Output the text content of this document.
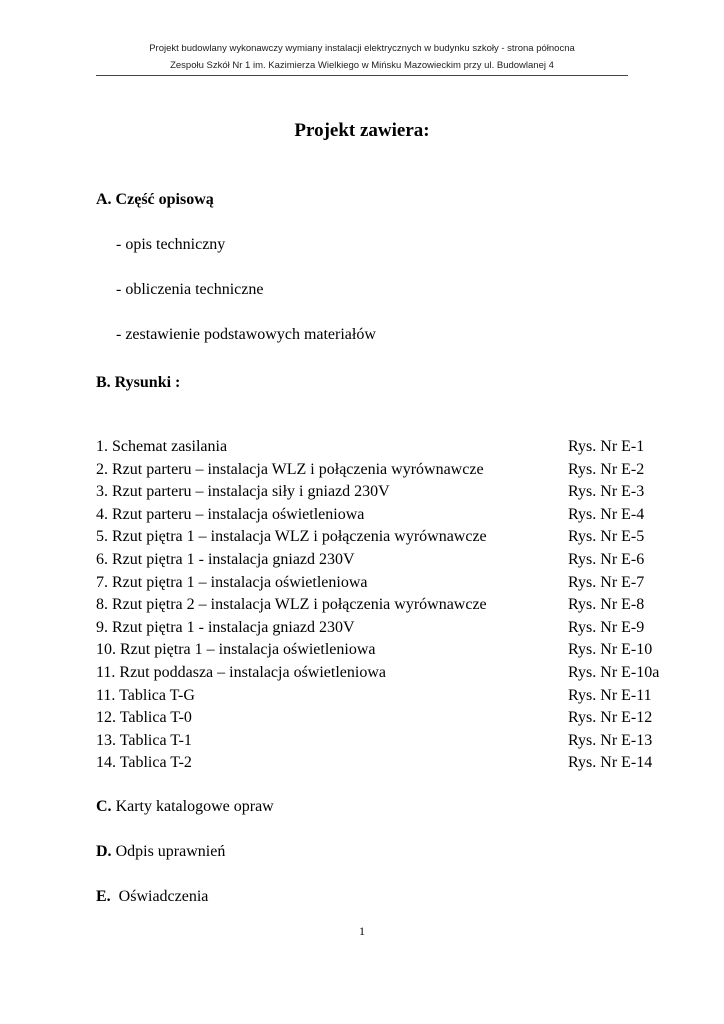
Projekt budowlany wykonawczy wymiany instalacji elektrycznych w budynku szkoły - strona północna
Zespołu Szkół Nr 1 im. Kazimierza Wielkiego w Mińsku Mazowieckim przy ul. Budowlanej 4
Projekt zawiera:
A. Część opisową
- opis techniczny
- obliczenia techniczne
- zestawienie podstawowych materiałów
B. Rysunki :
1. Schemat zasilania	Rys. Nr E-1
2. Rzut parteru – instalacja WLZ i połączenia wyrównawcze	Rys. Nr E-2
3. Rzut parteru – instalacja siły i gniazd 230V	Rys. Nr E-3
4. Rzut parteru – instalacja oświetleniowa	Rys. Nr E-4
5. Rzut piętra 1 – instalacja WLZ i połączenia wyrównawcze	Rys. Nr E-5
6. Rzut piętra 1 - instalacja gniazd 230V	Rys. Nr E-6
7. Rzut piętra 1 – instalacja oświetleniowa	Rys. Nr E-7
8. Rzut piętra 2 – instalacja WLZ i połączenia wyrównawcze	Rys. Nr E-8
9. Rzut piętra 1 - instalacja gniazd 230V	Rys. Nr E-9
10. Rzut piętra 1 – instalacja oświetleniowa	Rys. Nr E-10
11. Rzut poddasza – instalacja oświetleniowa	Rys. Nr E-10a
11. Tablica T-G	Rys. Nr E-11
12. Tablica T-0	Rys. Nr E-12
13. Tablica T-1	Rys. Nr E-13
14. Tablica T-2	Rys. Nr E-14
C. Karty katalogowe opraw
D. Odpis uprawnień
E. Oświadczenia
1
